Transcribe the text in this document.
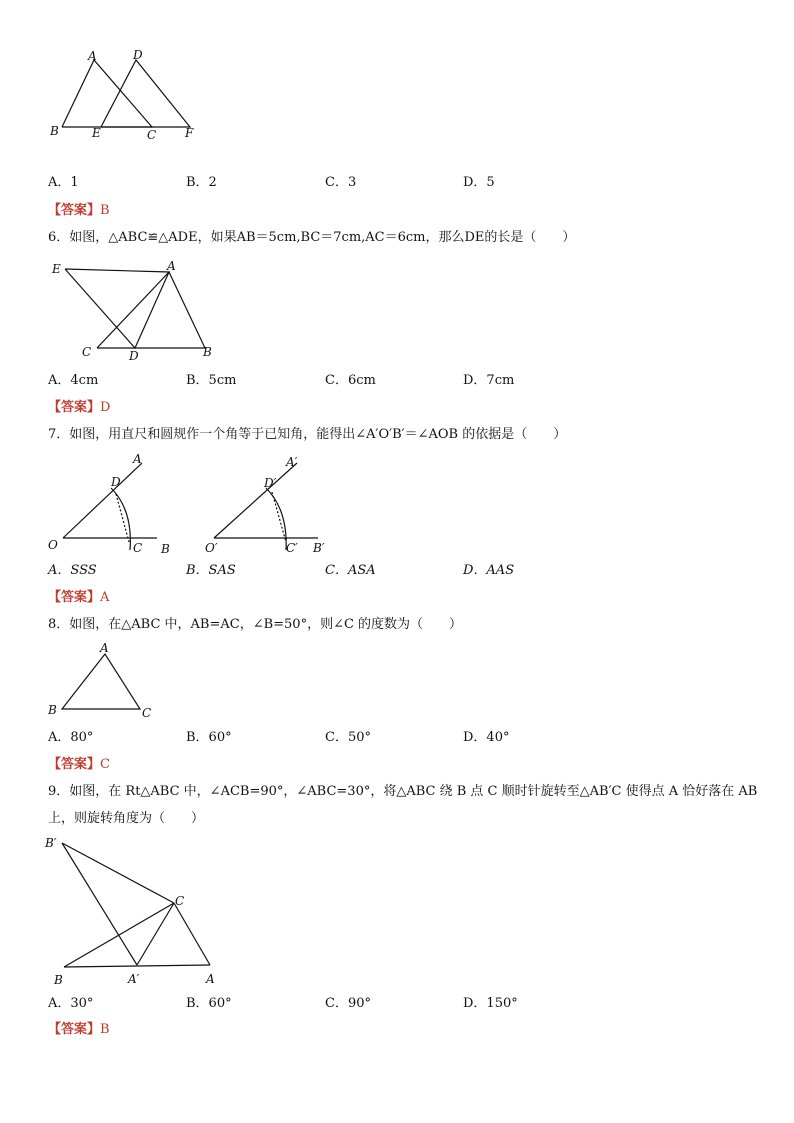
A	D
B	E	C F
A．1	B．2	C．3	D．5
【答案】B
6．如图，△ABC≌△ADE，如果AB＝5cm,BC＝7cm,AC＝6cm，那么DE的长是（　　）
E	A
C	D	B
A．4cm	B．5cm	C．6cm	D．7cm
【答案】D
7．如图，用直尺和圆规作一个角等于已知角，能得出∠A′O′B′＝∠AOB 的依据是（　　）
A
D
O	C B
A′
D′
O′	C′ B′
A．SSS	B．SAS	C．ASA	D．AAS
【答案】A
8．如图，在△ABC 中，AB=AC，∠B=50°，则∠C 的度数为（　　）
A
B	C
A．80°	B．60°	C．50°	D．40°
【答案】C
9．如图，在 Rt△ABC 中，∠ACB=90°，∠ABC=30°，将△ABC 绕 B 点 C 顺时针旋转至△AB′C 使得点 A 恰好落在 AB
上，则旋转角度为（　　）
B′
C
B	A′	A
A．30°	B．60°	C．90°	D．150°
【答案】B
